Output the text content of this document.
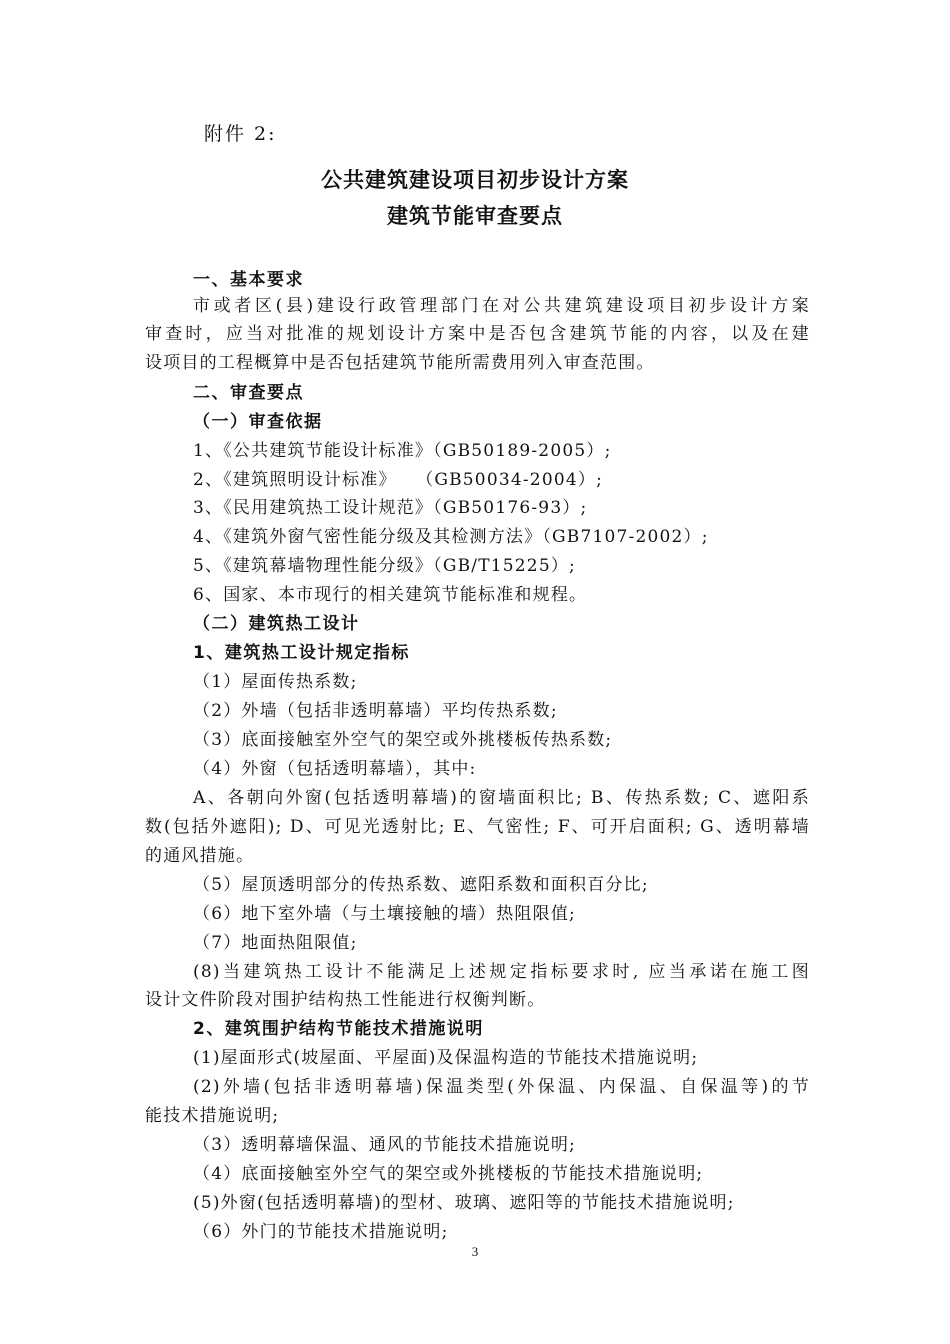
附件 2:
公共建筑建设项目初步设计方案
建筑节能审查要点
一、基本要求
市或者区(县)建设行政管理部门在对公共建筑建设项目初步设计方案
审查时，应当对批准的规划设计方案中是否包含建筑节能的内容，以及在建
设项目的工程概算中是否包括建筑节能所需费用列入审查范围。
二、审查要点
（一）审查依据
1、《公共建筑节能设计标准》（GB50189-2005）;
2、《建筑照明设计标准》　　（GB50034-2004）;
3、《民用建筑热工设计规范》（GB50176-93）;
4、《建筑外窗气密性能分级及其检测方法》（GB7107-2002）;
5、《建筑幕墙物理性能分级》（GB/T15225）;
6、国家、本市现行的相关建筑节能标准和规程。
（二）建筑热工设计
1、建筑热工设计规定指标
（1）屋面传热系数;
（2）外墙（包括非透明幕墙）平均传热系数;
（3）底面接触室外空气的架空或外挑楼板传热系数;
（4）外窗（包括透明幕墙），其中:
A、各朝向外窗(包括透明幕墙)的窗墙面积比; B、传热系数; C、遮阳系
数(包括外遮阳); D、可见光透射比; E、气密性; F、可开启面积; G、透明幕墙
的通风措施。
（5）屋顶透明部分的传热系数、遮阳系数和面积百分比;
（6）地下室外墙（与土壤接触的墙）热阻限值;
（7）地面热阻限值;
(8)当建筑热工设计不能满足上述规定指标要求时, 应当承诺在施工图
设计文件阶段对围护结构热工性能进行权衡判断。
2、建筑围护结构节能技术措施说明
(1)屋面形式(坡屋面、平屋面)及保温构造的节能技术措施说明;
(2)外墙(包括非透明幕墙)保温类型(外保温、内保温、自保温等)的节
能技术措施说明;
（3）透明幕墙保温、通风的节能技术措施说明;
（4）底面接触室外空气的架空或外挑楼板的节能技术措施说明;
(5)外窗(包括透明幕墙)的型材、玻璃、遮阳等的节能技术措施说明;
（6）外门的节能技术措施说明;
3
